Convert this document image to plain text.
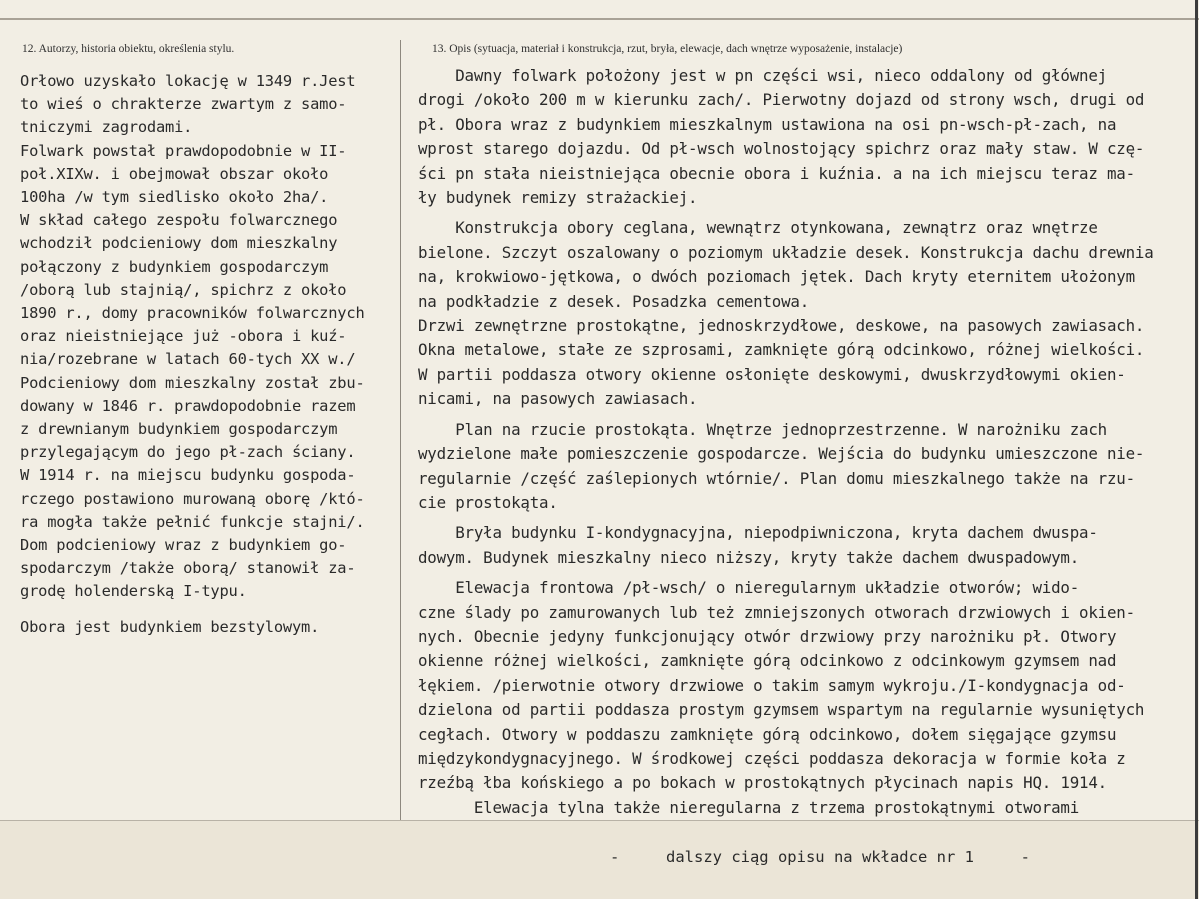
12. Autorzy, historia obiektu, określenia stylu.	13. Opis (sytuacja, materiał i konstrukcja, rzut, bryła, elewacje, dach wnętrze wyposażenie, instalacje)
Orłowo uzyskało lokację w 1349 r.Jest
to wieś o chrakterze zwartym z samo-
tniczymi zagrodami.
Folwark powstał prawdopodobnie w II-
poł.XIXw. i obejmował obszar około
100ha /w tym siedlisko około 2ha/.
W skład całego zespołu folwarcznego
wchodził podcieniowy dom mieszkalny
połączony z budynkiem gospodarczym
/oborą lub stajnią/, spichrz z około
1890 r., domy pracowników folwarcznych
oraz nieistniejące już -obora i kuź-
nia/rozebrane w latach 60-tych XX w./
Podcieniowy dom mieszkalny został zbu-
dowany w 1846 r. prawdopodobnie razem
z drewnianym budynkiem gospodarczym
przylegającym do jego pł-zach ściany.
W 1914 r. na miejscu budynku gospoda-
rczego postawiono murowaną oborę /któ-
ra mogła także pełnić funkcje stajni/.
Dom podcieniowy wraz z budynkiem go-
spodarczym /także oborą/ stanowił za-
grodę holenderską I-typu.
Obora jest budynkiem bezstylowym.
Dawny folwark położony jest w pn części wsi, nieco oddalony od głównej
drogi /około 200 m w kierunku zach/. Pierwotny dojazd od strony wsch, drugi od
pł. Obora wraz z budynkiem mieszkalnym ustawiona na osi pn-wsch-pł-zach, na
wprost starego dojazdu. Od pł-wsch wolnostojący spichrz oraz mały staw. W czę-
ści pn stała nieistniejąca obecnie obora i kuźnia. a na ich miejscu teraz ma-
ły budynek remizy strażackiej.
Konstrukcja obory ceglana, wewnątrz otynkowana, zewnątrz oraz wnętrze
bielone. Szczyt oszalowany o poziomym układzie desek. Konstrukcja dachu drewnia
na, krokwiowo-jętkowa, o dwóch poziomach jętek. Dach kryty eternitem ułożonym
na podkładzie z desek. Posadzka cementowa.
Drzwi zewnętrzne prostokątne, jednoskrzydłowe, deskowe, na pasowych zawiasach.
Okna metalowe, stałe ze szprosami, zamknięte górą odcinkowo, różnej wielkości.
W partii poddasza otwory okienne osłonięte deskowymi, dwuskrzydłowymi okien-
nicami, na pasowych zawiasach.
Plan na rzucie prostokąta. Wnętrze jednoprzestrzenne. W narożniku zach
wydzielone małe pomieszczenie gospodarcze. Wejścia do budynku umieszczone nie-
regularnie /część zaślepionych wtórnie/. Plan domu mieszkalnego także na rzu-
cie prostokąta.
Bryła budynku I-kondygnacyjna, niepodpiwniczona, kryta dachem dwuspa-
dowym. Budynek mieszkalny nieco niższy, kryty także dachem dwuspadowym.
Elewacja frontowa /pł-wsch/ o nieregularnym układzie otworów; wido-
czne ślady po zamurowanych lub też zmniejszonych otworach drzwiowych i okien-
nych. Obecnie jedyny funkcjonujący otwór drzwiowy przy narożniku pł. Otwory
okienne różnej wielkości, zamknięte górą odcinkowo z odcinkowym gzymsem nad
łękiem. /pierwotnie otwory drzwiowe o takim samym wykroju./I-kondygnacja od-
dzielona od partii poddasza prostym gzymsem wspartym na regularnie wysuniętych
cegłach. Otwory w poddaszu zamknięte górą odcinkowo, dołem sięgające gzymsu
międzykondygnacyjnego. W środkowej części poddasza dekoracja w formie koła z
rzeźbą łba końskiego a po bokach w prostokątnych płycinach napis HQ. 1914.
Elewacja tylna także nieregularna z trzema prostokątnymi otworami
-     dalszy ciąg opisu na wkładce nr 1     -
